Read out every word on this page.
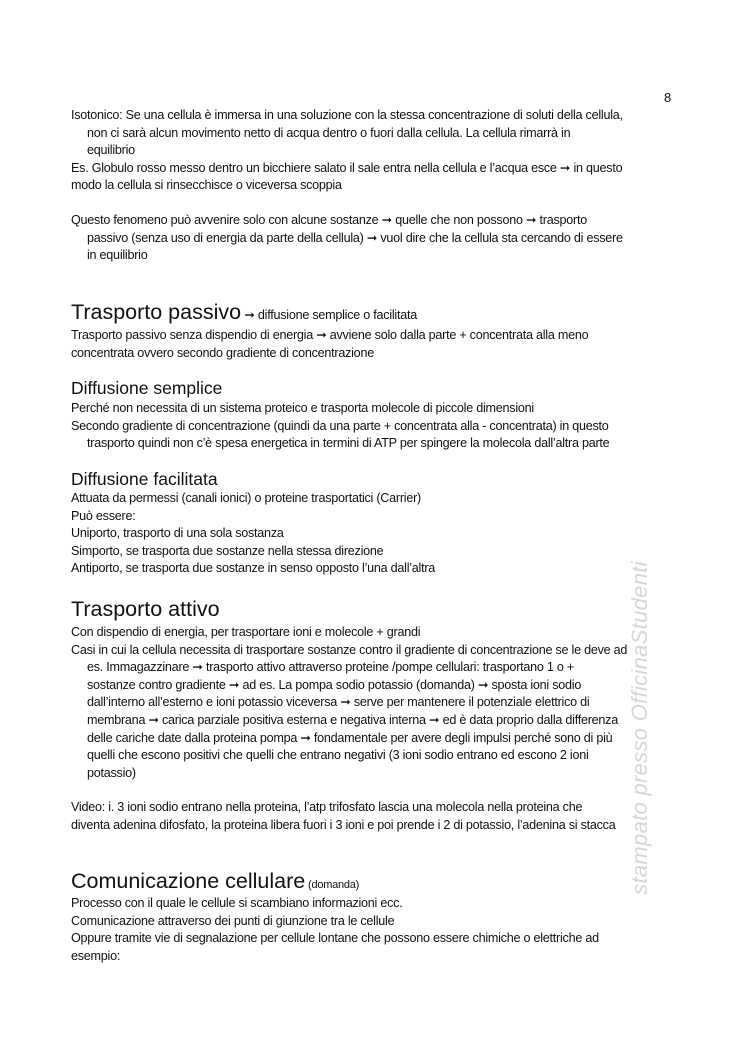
8
Isotonico: Se una cellula è immersa in una soluzione con la stessa concentrazione di soluti della cellula,
non ci sarà alcun movimento netto di acqua dentro o fuori dalla cellula. La cellula rimarrà in
equilibrio
Es. Globulo rosso messo dentro un bicchiere salato il sale entra nella cellula e l’acqua esce ➞ in questo
modo la cellula si rinsecchisce o viceversa scoppia
Questo fenomeno può avvenire solo con alcune sostanze ➞ quelle che non possono ➞ trasporto
passivo (senza uso di energia da parte della cellula) ➞ vuol dire che la cellula sta cercando di essere
in equilibrio
Trasporto passivo ➞ diffusione semplice o facilitata
Trasporto passivo senza dispendio di energia ➞ avviene solo dalla parte + concentrata alla meno
concentrata ovvero secondo gradiente di concentrazione
Diffusione semplice
Perché non necessita di un sistema proteico e trasporta molecole di piccole dimensioni
Secondo gradiente di concentrazione (quindi da una parte + concentrata alla - concentrata) in questo
trasporto quindi non c’è spesa energetica in termini di ATP per spingere la molecola dall’altra parte
Diffusione facilitata
Attuata da permessi (canali ionici) o proteine trasportatici (Carrier)
Può essere:
Uniporto, trasporto di una sola sostanza
Simporto, se trasporta due sostanze nella stessa direzione
Antiporto, se trasporta due sostanze in senso opposto l’una dall’altra
Trasporto attivo
Con dispendio di energia, per trasportare ioni e molecole + grandi
Casi in cui la cellula necessita di trasportare sostanze contro il gradiente di concentrazione se le deve ad
es. Immagazzinare ➞ trasporto attivo attraverso proteine /pompe cellulari: trasportano 1 o +
sostanze contro gradiente ➞ ad es. La pompa sodio potassio (domanda) ➞ sposta ioni sodio
dall’interno all’esterno e ioni potassio viceversa ➞ serve per mantenere il potenziale elettrico di
membrana ➞ carica parziale positiva esterna e negativa interna ➞ ed è data proprio dalla differenza
delle cariche date dalla proteina pompa ➞ fondamentale per avere degli impulsi perché sono di più
quelli che escono positivi che quelli che entrano negativi (3 ioni sodio entrano ed escono 2 ioni
potassio)
Video: i. 3 ioni sodio entrano nella proteina, l’atp trifosfato lascia una molecola nella proteina che
diventa adenina difosfato, la proteina libera fuori i 3 ioni e poi prende i 2 di potassio, l’adenina si stacca
Comunicazione cellulare (domanda)
Processo con il quale le cellule si scambiano informazioni ecc.
Comunicazione attraverso dei punti di giunzione tra le cellule
Oppure tramite vie di segnalazione per cellule lontane che possono essere chimiche o elettriche ad
esempio:
stampato presso OfficinaStudenti
